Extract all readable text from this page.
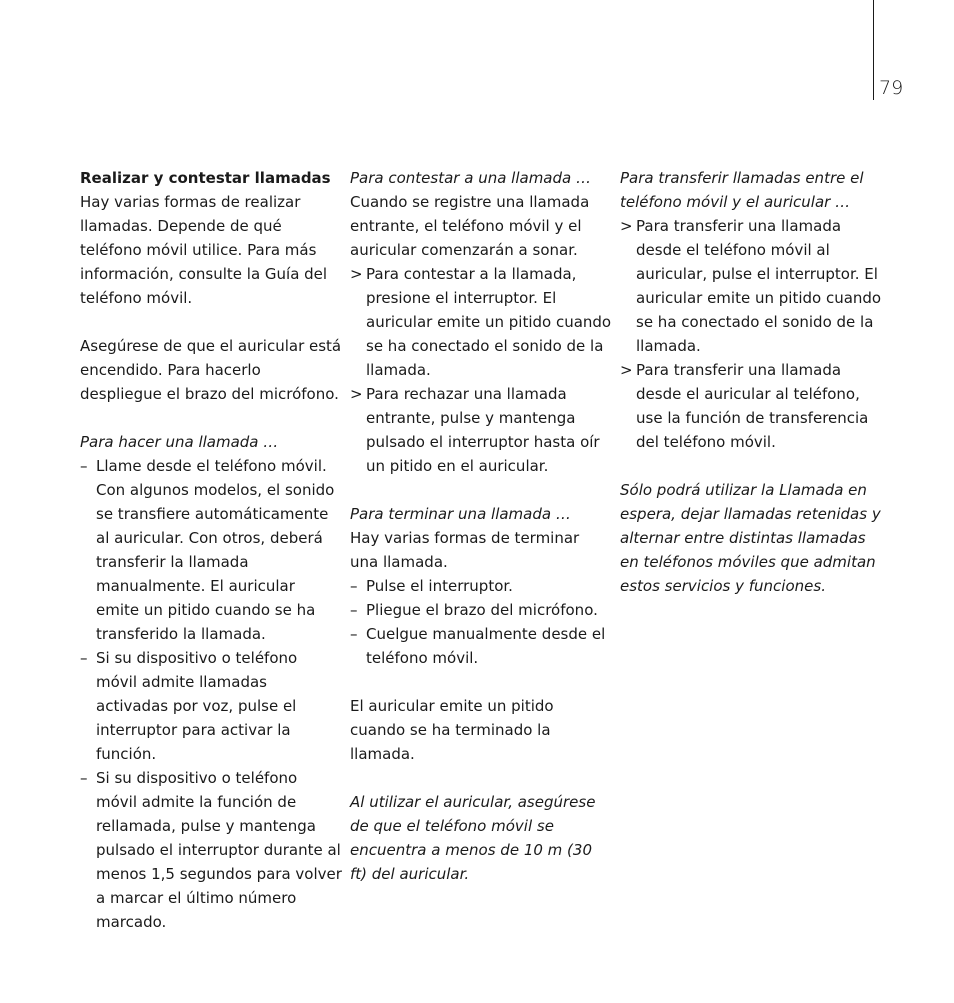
79

Realizar y contestar llamadas

Hay varias formas de realizar llamadas. Depende de qué teléfono móvil utilice. Para más información, consulte la Guía del teléfono móvil.

Asegúrese de que el auricular está encendido. Para hacerlo despliegue el brazo del micrófono.

Para hacer una llamada …

– Llame desde el teléfono móvil. Con algunos modelos, el sonido se transfiere automáticamente al auricular. Con otros, deberá transferir la llamada manualmente. El auricular emite un pitido cuando se ha transferido la llamada.
– Si su dispositivo o teléfono móvil admite llamadas activadas por voz, pulse el interruptor para activar la función.
– Si su dispositivo o teléfono móvil admite la función de rellamada, pulse y mantenga pulsado el interruptor durante al menos 1,5 segundos para volver a marcar el último número marcado.

Para contestar a una llamada …

Cuando se registre una llamada entrante, el teléfono móvil y el auricular comenzarán a sonar.

> Para contestar a la llamada, presione el interruptor. El auricular emite un pitido cuando se ha conectado el sonido de la llamada.
> Para rechazar una llamada entrante, pulse y mantenga pulsado el interruptor hasta oír un pitido en el auricular.

Para terminar una llamada …

Hay varias formas de terminar una llamada.

– Pulse el interruptor.
– Pliegue el brazo del micrófono.
– Cuelgue manualmente desde el teléfono móvil.

El auricular emite un pitido cuando se ha terminado la llamada.

Al utilizar el auricular, asegúrese de que el teléfono móvil se encuentra a menos de 10 m (30 ft) del auricular.

Para transferir llamadas entre el teléfono móvil y el auricular …

> Para transferir una llamada desde el teléfono móvil al auricular, pulse el interruptor. El auricular emite un pitido cuando se ha conectado el sonido de la llamada.
> Para transferir una llamada desde el auricular al teléfono, use la función de transferencia del teléfono móvil.

Sólo podrá utilizar la Llamada en espera, dejar llamadas retenidas y alternar entre distintas llamadas en teléfonos móviles que admitan estos servicios y funciones.
